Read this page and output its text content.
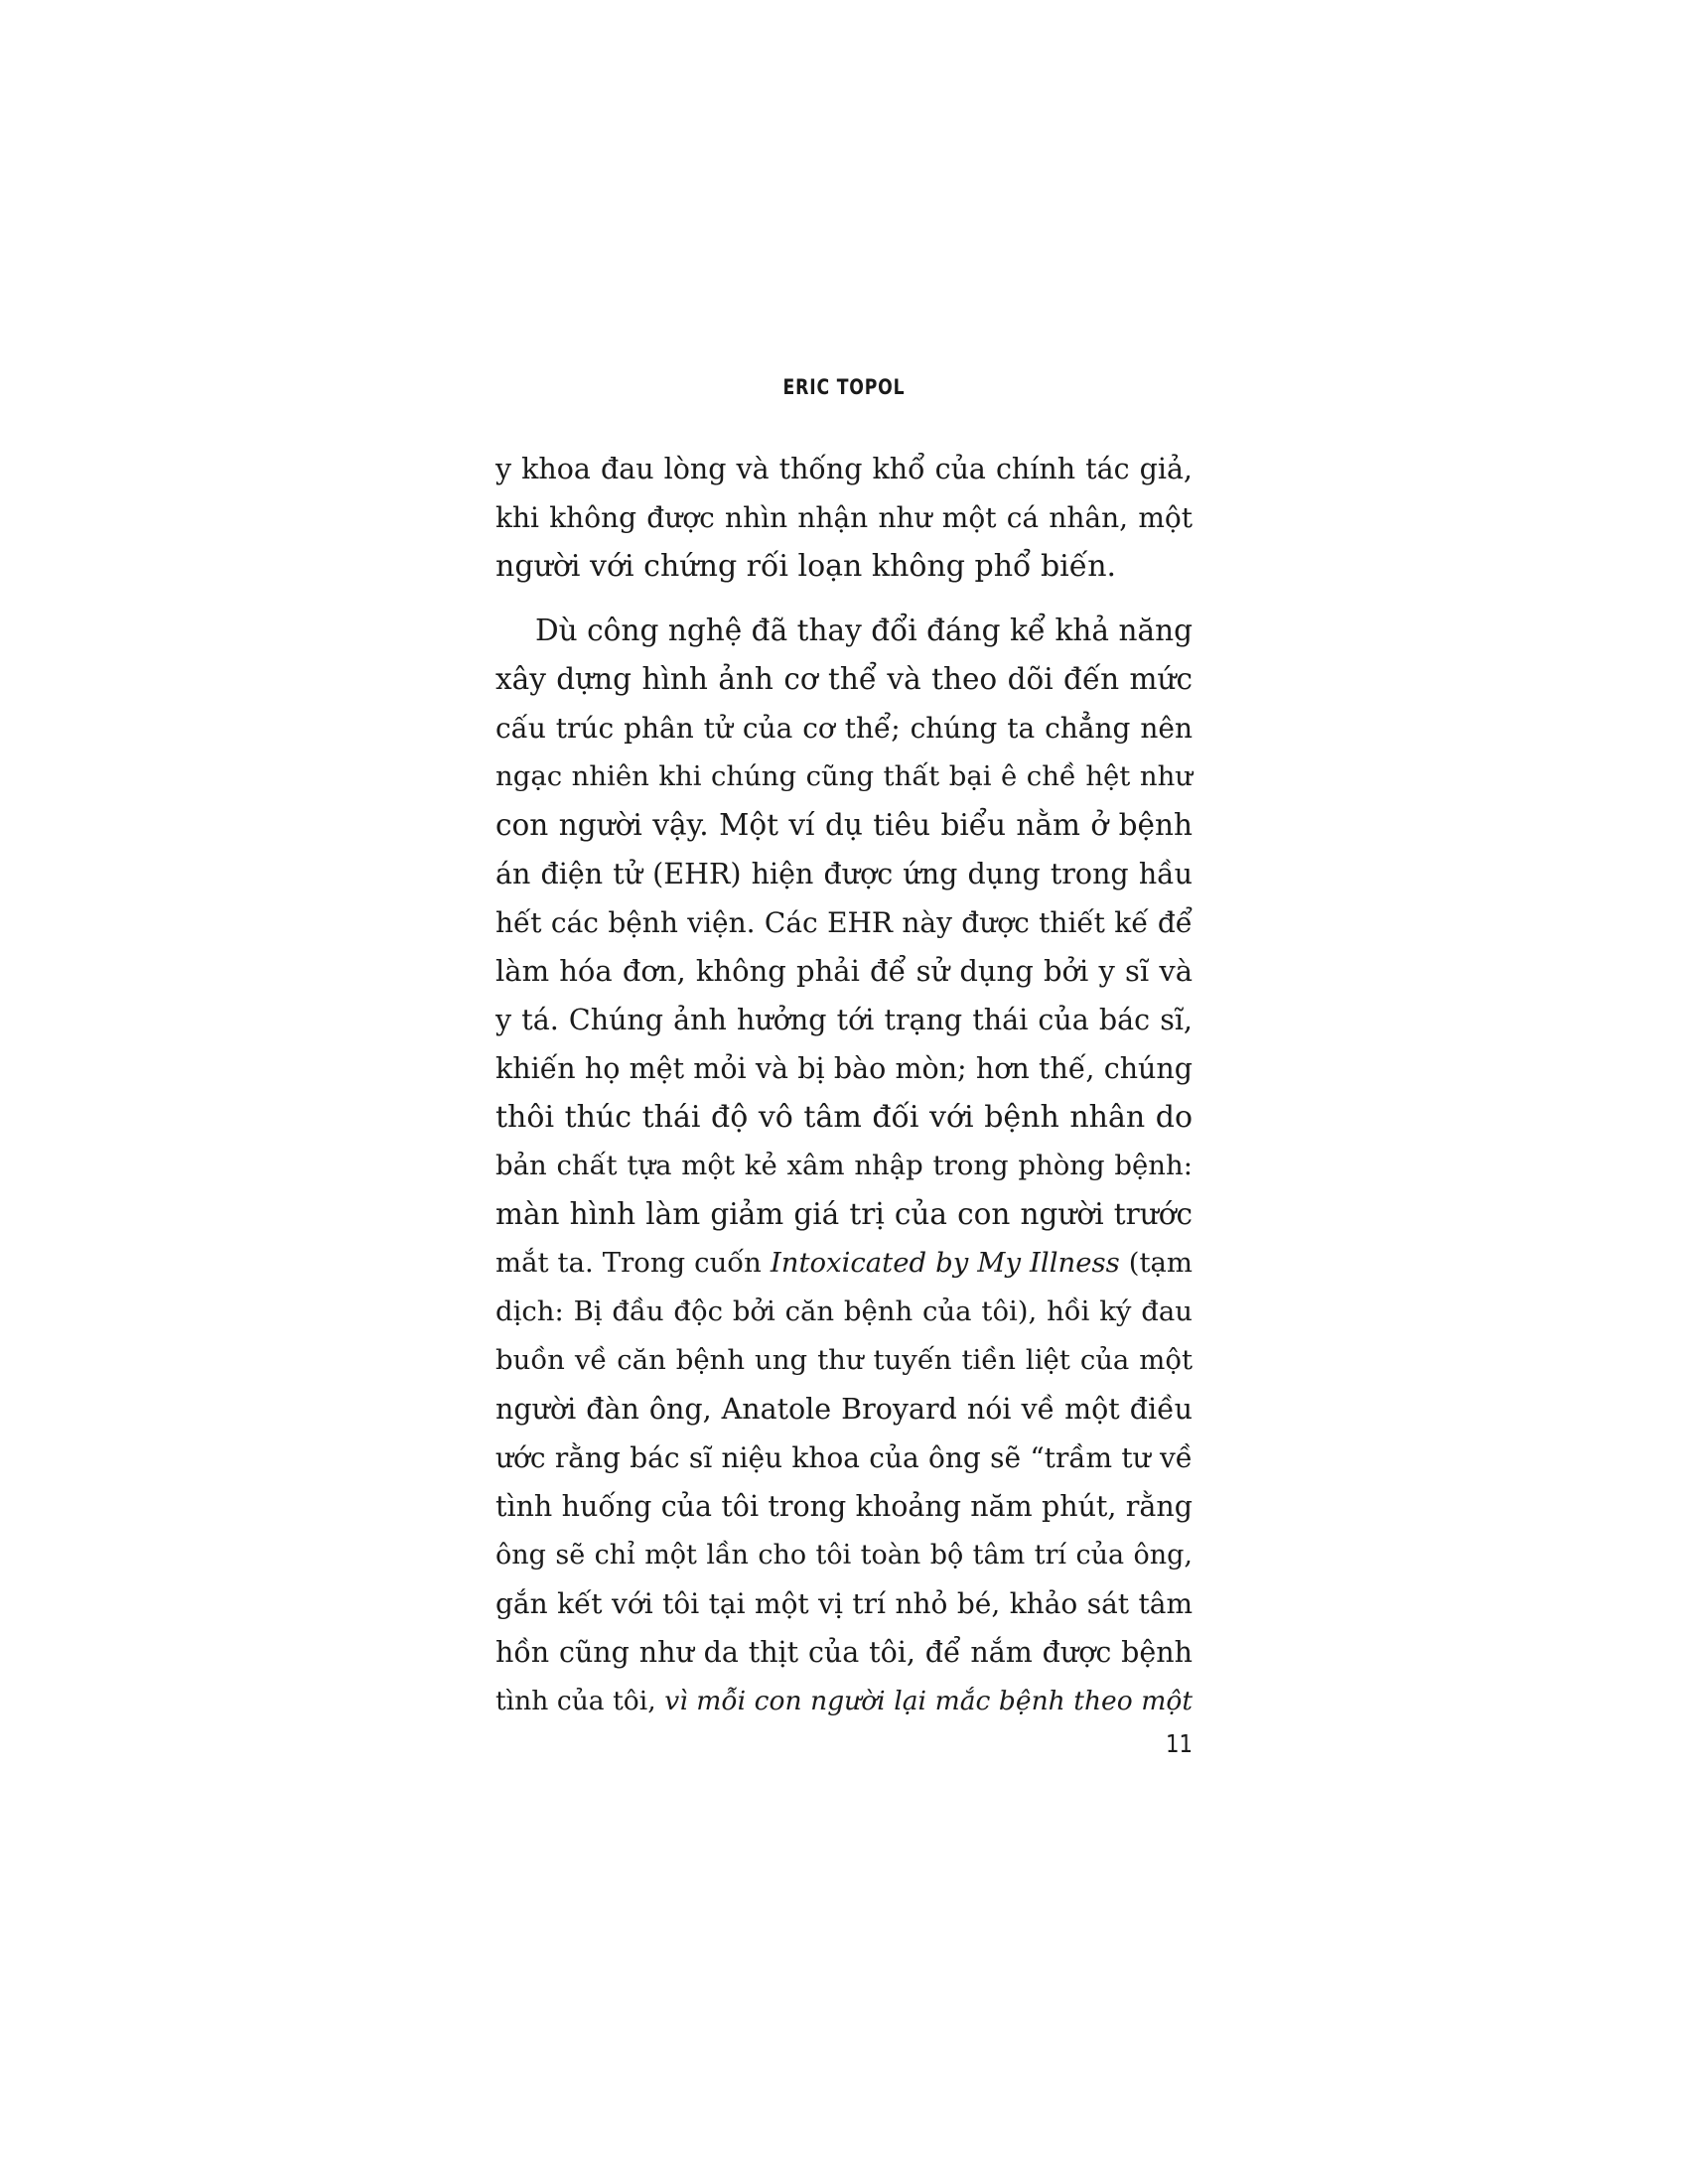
ERIC TOPOL
y khoa đau lòng và thống khổ của chính tác giả,
khi không được nhìn nhận như một cá nhân, một
người với chứng rối loạn không phổ biến.
Dù công nghệ đã thay đổi đáng kể khả năng
xây dựng hình ảnh cơ thể và theo dõi đến mức
cấu trúc phân tử của cơ thể; chúng ta chẳng nên
ngạc nhiên khi chúng cũng thất bại ê chề hệt như
con người vậy. Một ví dụ tiêu biểu nằm ở bệnh
án điện tử (EHR) hiện được ứng dụng trong hầu
hết các bệnh viện. Các EHR này được thiết kế để
làm hóa đơn, không phải để sử dụng bởi y sĩ và
y tá. Chúng ảnh hưởng tới trạng thái của bác sĩ,
khiến họ mệt mỏi và bị bào mòn; hơn thế, chúng
thôi thúc thái độ vô tâm đối với bệnh nhân do
bản chất tựa một kẻ xâm nhập trong phòng bệnh:
màn hình làm giảm giá trị của con người trước
mắt ta. Trong cuốn Intoxicated by My Illness (tạm
dịch: Bị đầu độc bởi căn bệnh của tôi), hồi ký đau
buồn về căn bệnh ung thư tuyến tiền liệt của một
người đàn ông, Anatole Broyard nói về một điều
ước rằng bác sĩ niệu khoa của ông sẽ “trầm tư về
tình huống của tôi trong khoảng năm phút, rằng
ông sẽ chỉ một lần cho tôi toàn bộ tâm trí của ông,
gắn kết với tôi tại một vị trí nhỏ bé, khảo sát tâm
hồn cũng như da thịt của tôi, để nắm được bệnh
tình của tôi, vì mỗi con người lại mắc bệnh theo một
11
